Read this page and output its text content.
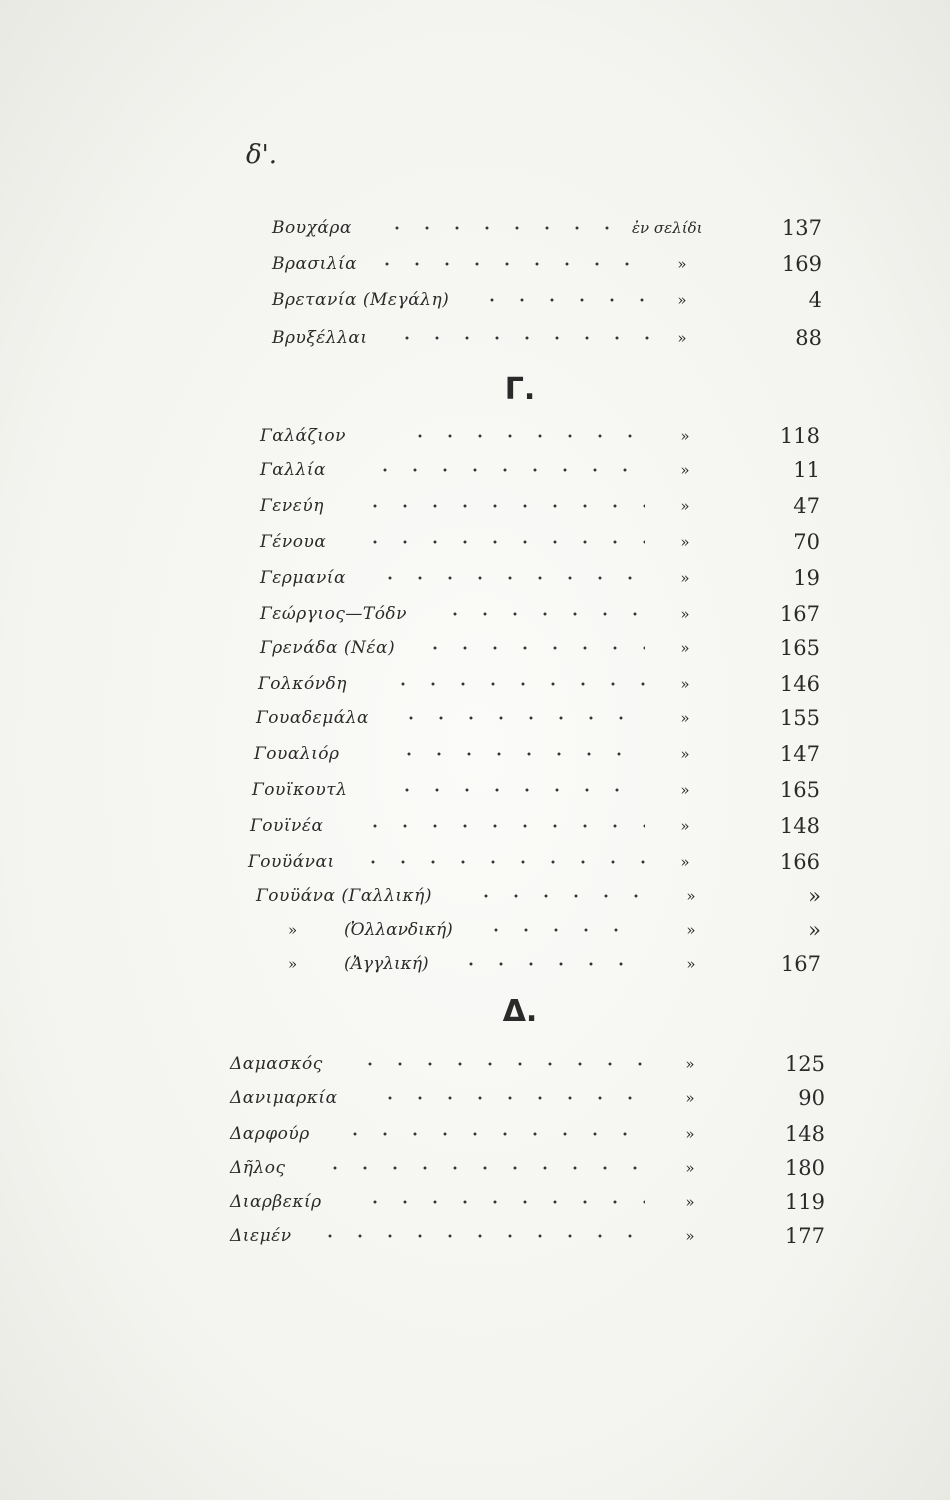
δ'.
Βουχάρα	ἐν σελίδι	137
Βρασιλία	»	169
Βρετανία (Μεγάλη)	»	4
Βρυξέλλαι	»	88
Γ.
Γαλάζιον	»	118
Γαλλία	»	11
Γενεύη	»	47
Γένουα	»	70
Γερμανία	»	19
Γεώργιος—Τόδν	»	167
Γρενάδα (Νέα)	»	165
Γολκόνδη	»	146
Γουαδεμάλα	»	155
Γουαλιόρ	»	147
Γουϊκουτλ	»	165
Γουϊνέα	»	148
Γουϋάναι	»	166
Γουϋάνα (Γαλλική)	»	»
»	(Ὀλλανδική)	»	»
»	(Ἀγγλική)	»	167
Δ.
Δαμασκός	»	125
Δανιμαρκία	»	90
Δαρφούρ	»	148
Δῆλος	»	180
Διαρβεκίρ	»	119
Διεμέν	»	177
